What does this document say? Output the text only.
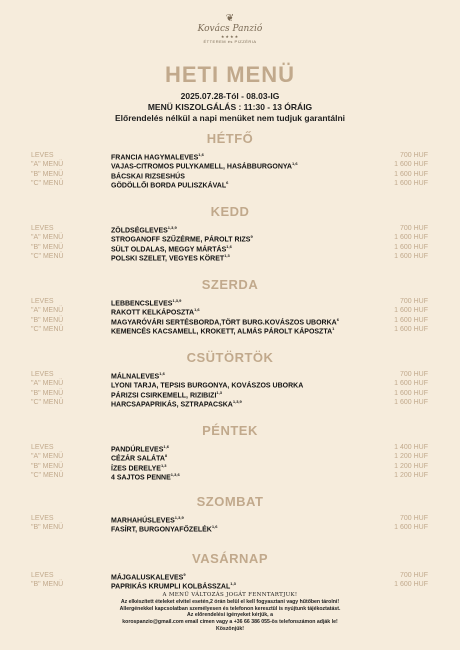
❦
Kovács Panzió
★★★★
ÉTTEREM és PIZZÉRIA
HETI MENÜ
2025.07.28-Tól - 08.03-IG
MENÜ KISZOLGÁLÁS : 11:30 - 13 ÓRÁIG
Előrendelés nélkül a napi menüket nem tudjuk garantálni
HÉTFŐ
LEVES	FRANCIA HAGYMALEVES$^{1,6}$	700 HUF
"A" MENÜ	VAJAS-CITROMOS PULYKAMELL, HASÁBBURGONYA$^{1,6}$	1 600 HUF
"B" MENÜ	BÁCSKAI RIZSESHÚS	1 600 HUF
"C" MENÜ	GÖDÖLLŐI BORDA PULISZKÁVAL$^6$	1 600 HUF
KEDD
LEVES	ZÖLDSÉGLEVES$^{1,3,9}$	700 HUF
"A" MENÜ	STROGANOFF SZŰZÉRME, PÁROLT RIZS$^9$	1 600 HUF
"B" MENÜ	SÜLT OLDALAS, MEGGY MÁRTÁS$^{1,6}$	1 600 HUF
"C" MENÜ	POLSKI SZELET, VEGYES KÖRET$^{1,3}$	1 600 HUF
SZERDA
LEVES	LEBBENCSLEVES$^{1,3,9}$	700 HUF
"A" MENÜ	RAKOTT KELKÁPOSZTA$^{1,6}$	1 600 HUF
"B" MENÜ	MAGYARÓVÁRI SERTÉSBORDA,TÖRT BURG.KOVÁSZOS UBORKA$^6$	1 600 HUF
"C" MENÜ	KEMENCÉS KACSAMELL, KROKETT, ALMÁS PÁROLT KÁPOSZTA$^1$	1 600 HUF
CSÜTÖRTÖK
LEVES	MÁLNALEVES$^{1,6}$	700 HUF
"A" MENÜ	LYONI TARJA, TEPSIS BURGONYA, KOVÁSZOS UBORKA	1 600 HUF
"B" MENÜ	PÁRIZSI CSIRKEMELL, RIZIBIZI$^{1,3}$	1 600 HUF
"C" MENÜ	HARCSAPAPRIKÁS, SZTRAPACSKA$^{1,3,9}$	1 600 HUF
PÉNTEK
LEVES	PANDÚRLEVES$^{1,6}$	1 400 HUF
"A" MENÜ	CÉZÁR SALÁTA$^8$	1 200 HUF
"B" MENÜ	ÍZES DERELYE$^{1,3}$	1 200 HUF
"C" MENÜ	4 SAJTOS PENNE$^{1,3,6}$	1 200 HUF
SZOMBAT
LEVES	MARHAHÚSLEVES$^{1,3,9}$	700 HUF
"B" MENÜ	FASÍRT, BURGONYAFŐZELÉK$^{1,6}$	1 600 HUF
VASÁRNAP
LEVES	MÁJGALUSKALEVES$^9$	700 HUF
"B" MENÜ	PAPRIKÁS KRUMPLI KOLBÁSSZAL$^{1,3}$	1 600 HUF
A MENÜ VÁLTOZÁS JOGÁT FENNTARTJUK!
Az elkészített ételeket elvitel esetén,2 órán belül el kell fogyasztani vagy hűtőben tárolni!
Allergénekkel kapcsolatban személyesen és telefonon keresztül is nyújtunk tájékoztatást.
Az előrendelési igényeket kérjük, a
korospanzio@gmail.com email címen vagy a +36 66 386 055-ös telefonszámon adják le!
Köszönjük!
